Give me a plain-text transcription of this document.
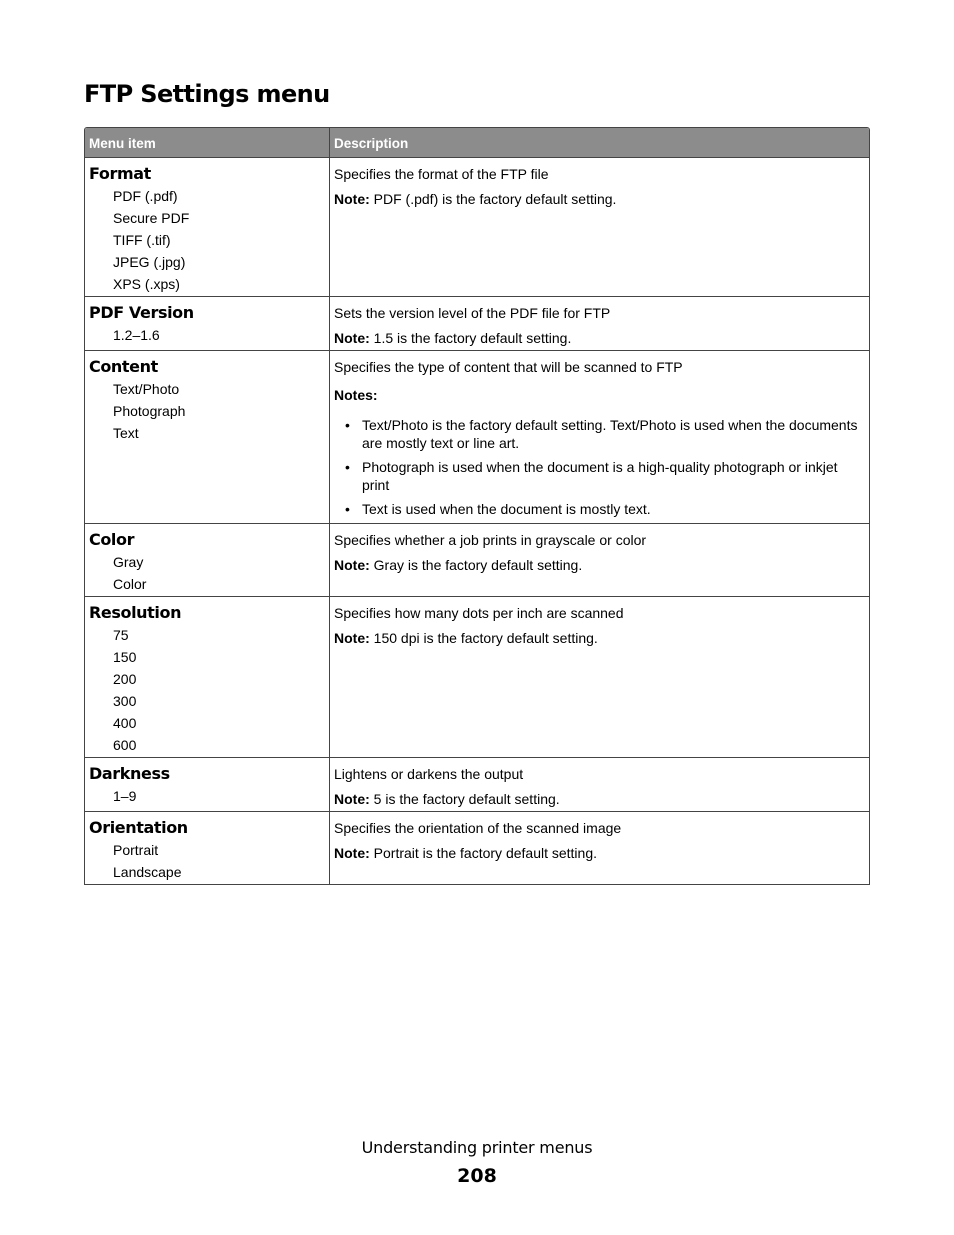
FTP Settings menu
Menu item	Description
Format
PDF (.pdf)
Secure PDF
TIFF (.tif)
JPEG (.jpg)
XPS (.xps)
Specifies the format of the FTP file
Note: PDF (.pdf) is the factory default setting.
PDF Version
1.2–1.6
Sets the version level of the PDF file for FTP
Note: 1.5 is the factory default setting.
Content
Text/Photo
Photograph
Text
Specifies the type of content that will be scanned to FTP
Notes:
• Text/Photo is the factory default setting. Text/Photo is used when the documents are mostly text or line art.
• Photograph is used when the document is a high-quality photograph or inkjet print
• Text is used when the document is mostly text.
Color
Gray
Color
Specifies whether a job prints in grayscale or color
Note: Gray is the factory default setting.
Resolution
75
150
200
300
400
600
Specifies how many dots per inch are scanned
Note: 150 dpi is the factory default setting.
Darkness
1–9
Lightens or darkens the output
Note: 5 is the factory default setting.
Orientation
Portrait
Landscape
Specifies the orientation of the scanned image
Note: Portrait is the factory default setting.
Understanding printer menus
208
